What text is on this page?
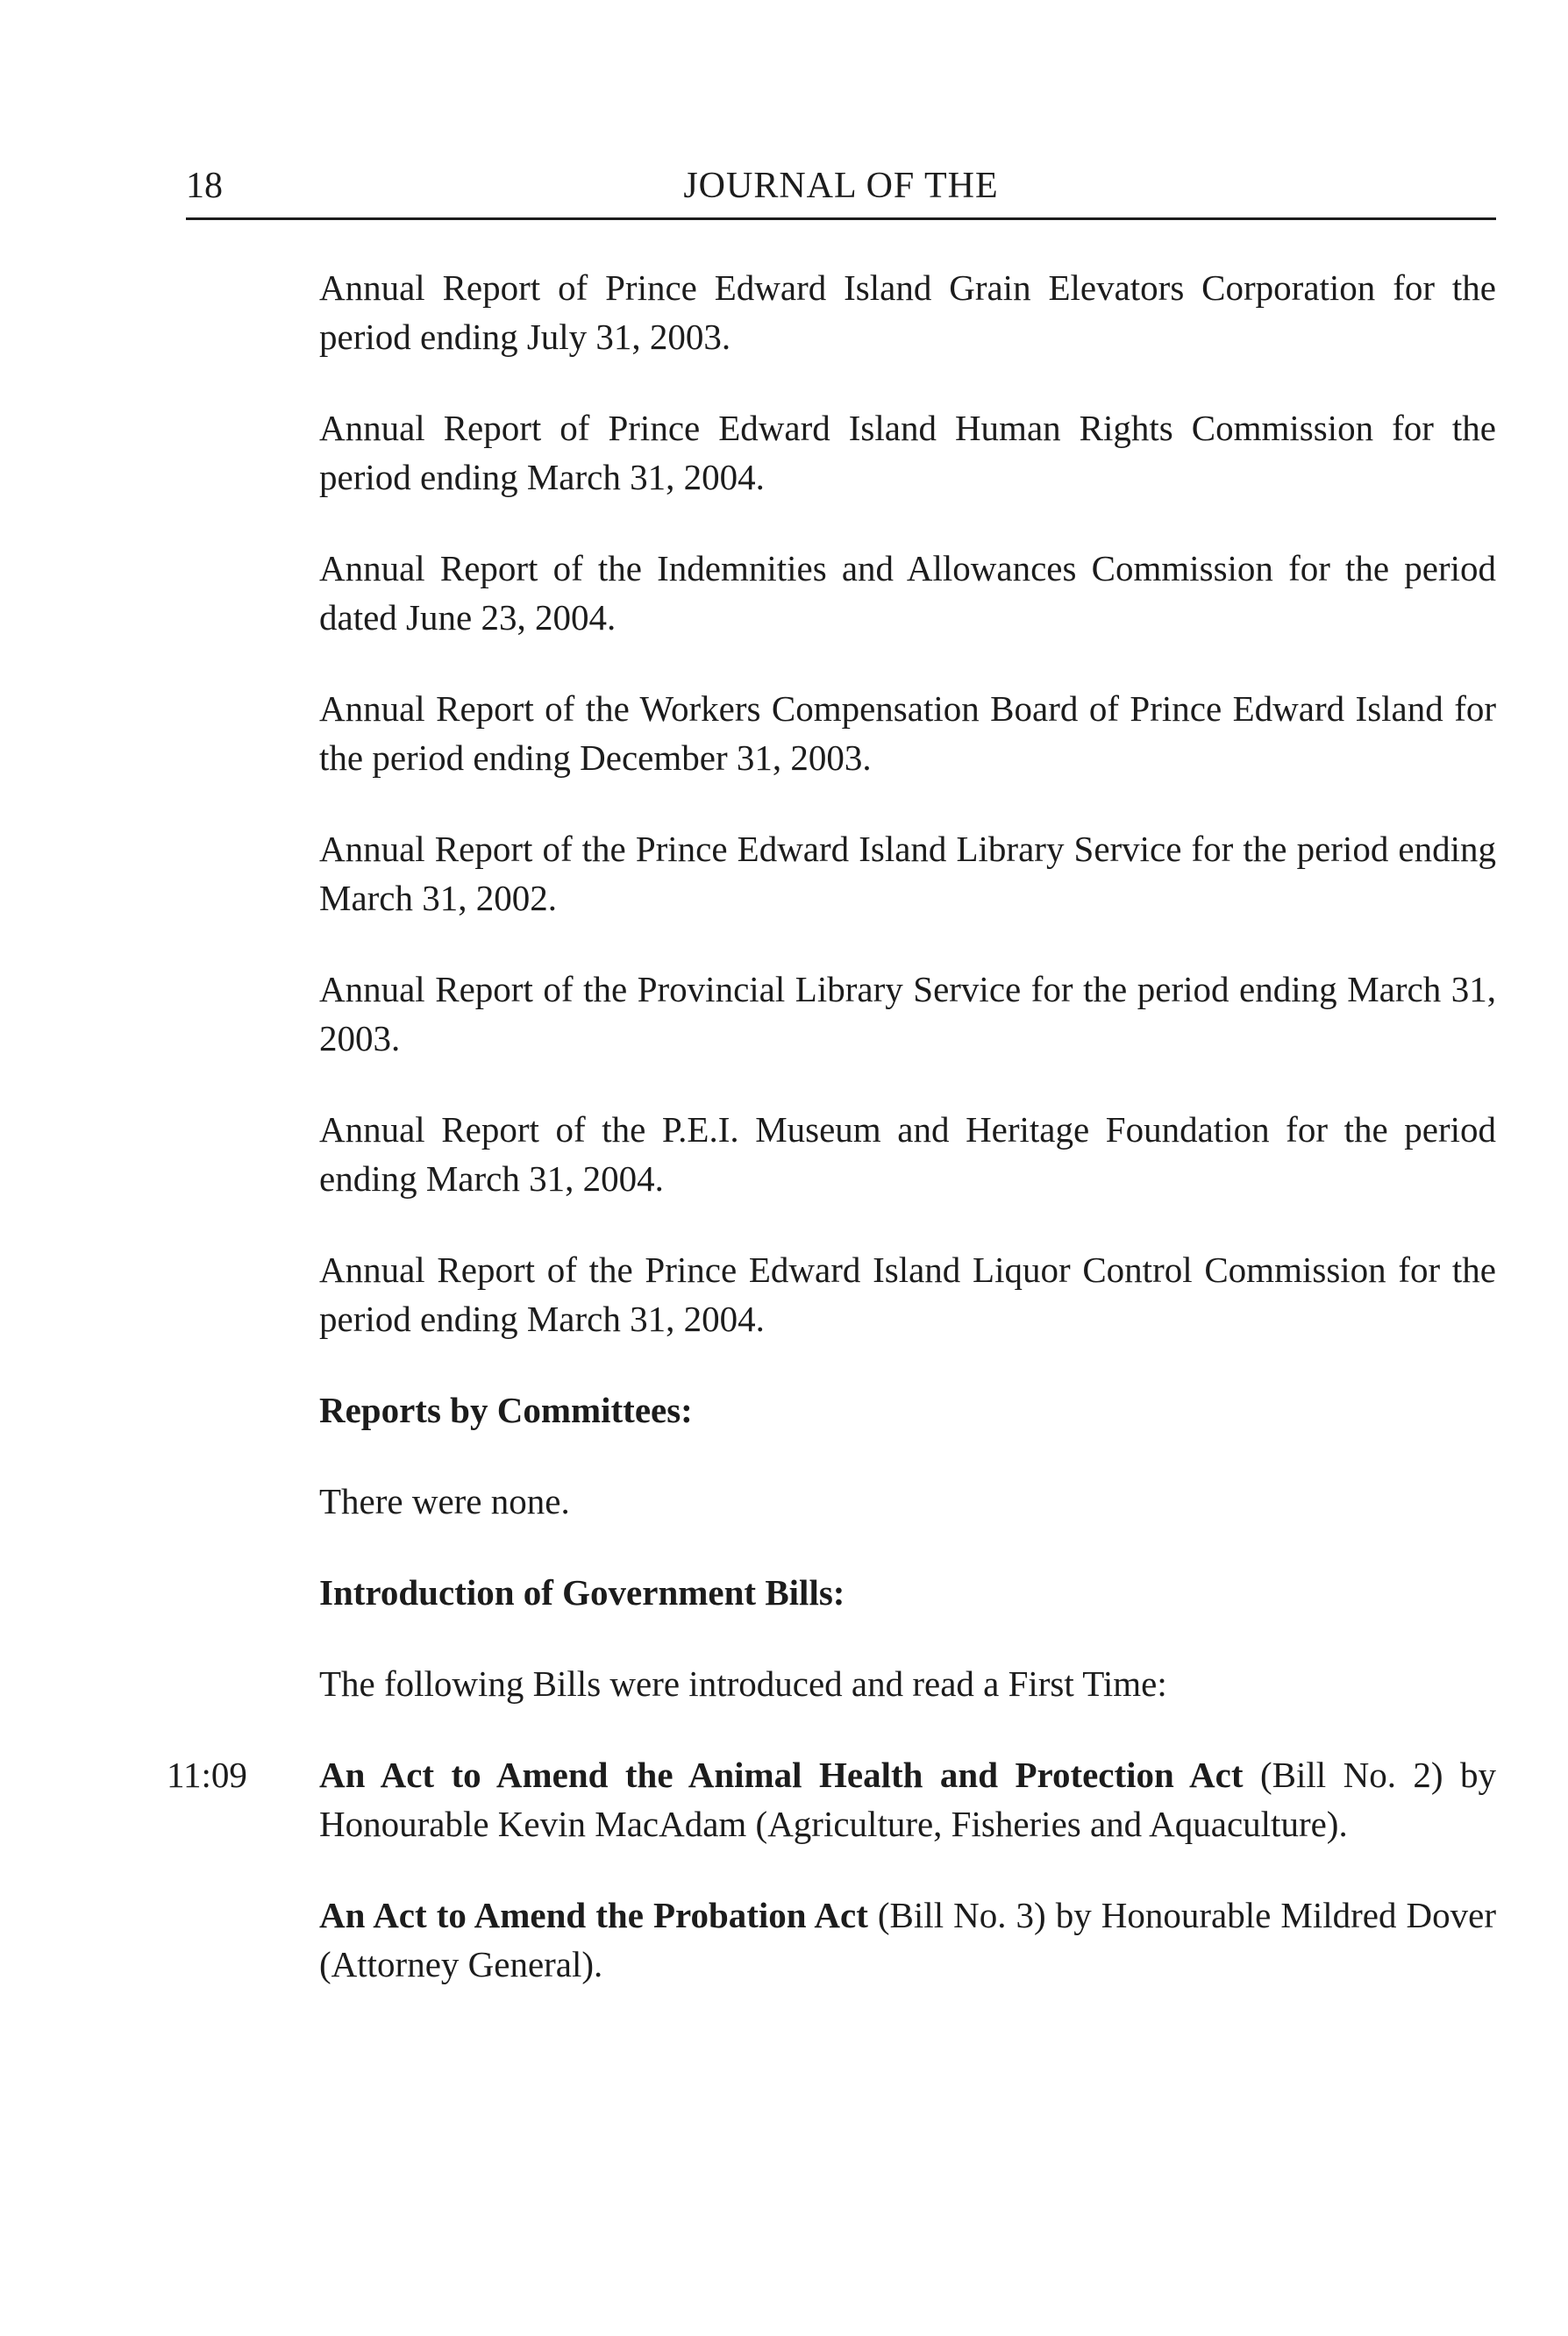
18	JOURNAL OF THE

Annual Report of Prince Edward Island Grain Elevators Corporation for the period ending July 31, 2003.

Annual Report of Prince Edward Island Human Rights Commission for the period ending March 31, 2004.

Annual Report of the Indemnities and Allowances Commission for the period dated June 23, 2004.

Annual Report of the Workers Compensation Board of Prince Edward Island for the period ending December 31, 2003.

Annual Report of the Prince Edward Island Library Service for the period ending March 31, 2002.

Annual Report of the Provincial Library Service for the period ending March 31, 2003.

Annual Report of the P.E.I. Museum and Heritage Foundation for the period ending March 31, 2004.

Annual Report of the Prince Edward Island Liquor Control Commission for the period ending March 31, 2004.

Reports by Committees:

There were none.

Introduction of Government Bills:

The following Bills were introduced and read a First Time:

11:09 An Act to Amend the Animal Health and Protection Act (Bill No. 2) by Honourable Kevin MacAdam (Agriculture, Fisheries and Aquaculture).

An Act to Amend the Probation Act (Bill No. 3) by Honourable Mildred Dover (Attorney General).
